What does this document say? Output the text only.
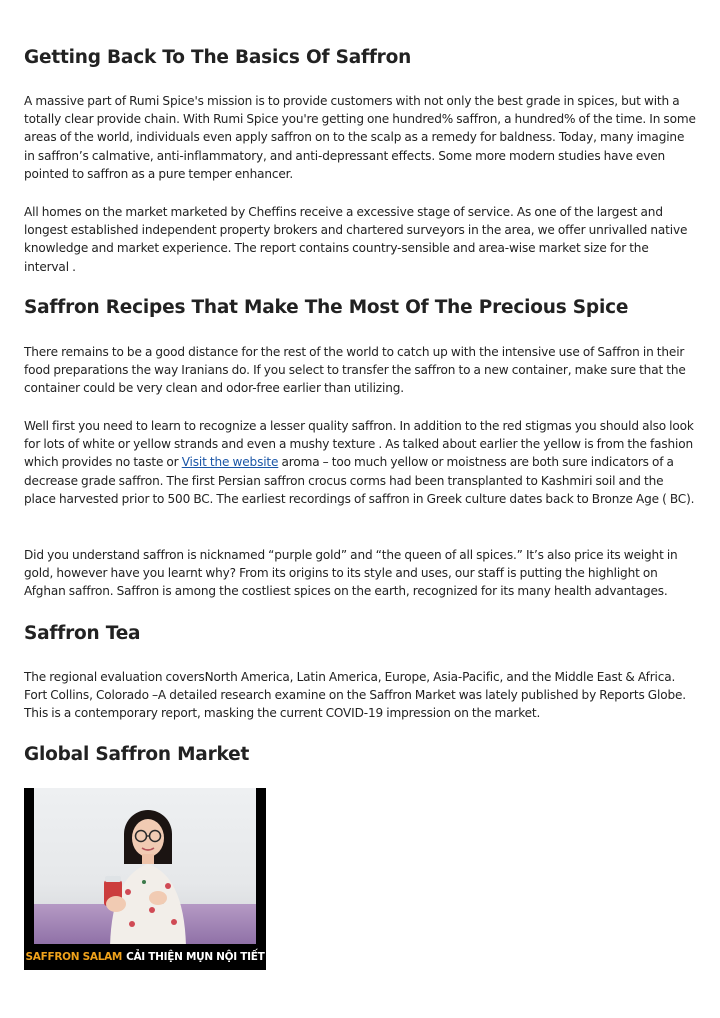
Getting Back To The Basics Of Saffron

A massive part of Rumi Spice's mission is to provide customers with not only the best grade in spices, but with a totally clear provide chain. With Rumi Spice you're getting one hundred% saffron, a hundred% of the time. In some areas of the world, individuals even apply saffron on to the scalp as a remedy for baldness. Today, many imagine in saffron’s calmative, anti-inflammatory, and anti-depressant effects. Some more modern studies have even pointed to saffron as a pure temper enhancer.

All homes on the market marketed by Cheffins receive a excessive stage of service. As one of the largest and longest established independent property brokers and chartered surveyors in the area, we offer unrivalled native knowledge and market experience. The report contains country-sensible and area-wise market size for the interval .

Saffron Recipes That Make The Most Of The Precious Spice

There remains to be a good distance for the rest of the world to catch up with the intensive use of Saffron in their food preparations the way Iranians do. If you select to transfer the saffron to a new container, make sure that the container could be very clean and odor-free earlier than utilizing.

Well first you need to learn to recognize a lesser quality saffron. In addition to the red stigmas you should also look for lots of white or yellow strands and even a mushy texture . As talked about earlier the yellow is from the fashion which provides no taste or Visit the website aroma – too much yellow or moistness are both sure indicators of a decrease grade saffron. The first Persian saffron crocus corms had been transplanted to Kashmiri soil and the place harvested prior to 500 BC. The earliest recordings of saffron in Greek culture dates back to Bronze Age ( BC).

Did you understand saffron is nicknamed “purple gold” and “the queen of all spices.” It’s also price its weight in gold, however have you learnt why? From its origins to its style and uses, our staff is putting the highlight on Afghan saffron. Saffron is among the costliest spices on the earth, recognized for its many health advantages.

Saffron Tea

The regional evaluation coversNorth America, Latin America, Europe, Asia-Pacific, and the Middle East & Africa. Fort Collins, Colorado –A detailed research examine on the Saffron Market was lately published by Reports Globe. This is a contemporary report, masking the current COVID-19 impression on the market.

Global Saffron Market
SAFFRON SALAM CẢI THIỆN MỤN NỘI TIẾT
